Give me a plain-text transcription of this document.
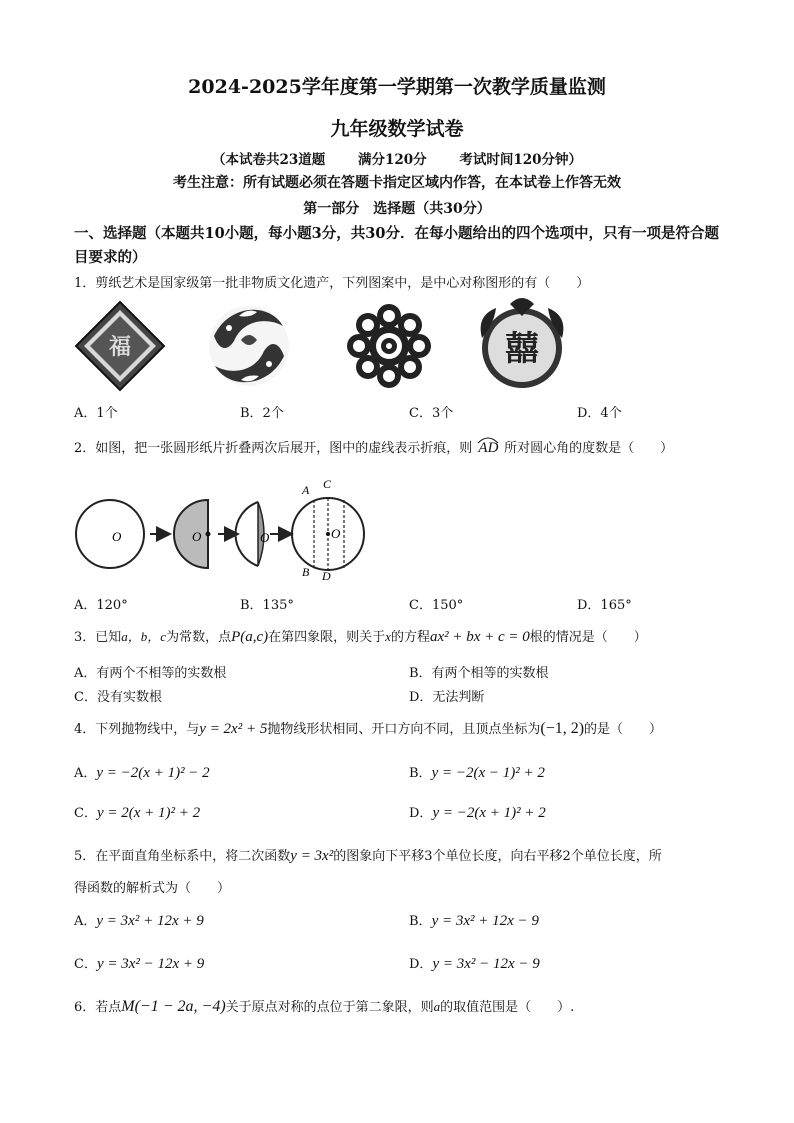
2024-2025学年度第一学期第一次教学质量监测
九年级数学试卷
（本试卷共23道题 满分120分 考试时间120分钟）
考生注意：所有试题必须在答题卡指定区域内作答，在本试卷上作答无效
第一部分　选择题（共30分）
一、选择题（本题共10小题，每小题3分，共30分．在每小题给出的四个选项中，只有一项是符合题目要求的）
1．剪纸艺术是国家级第一批非物质文化遗产，下列图案中，是中心对称图形的有（　　）
福	囍
A．1个	B．2个	C．3个	D．4个
2．如图，把一张圆形纸片折叠两次后展开，图中的虚线表示折痕，则 AD 所对圆心角的度数是（　　）
O	O	O	O
A C
B D
A．120°	B．135°	C．150°	D．165°
3．已知a，b，c为常数，点P(a,c)在第四象限，则关于x的方程ax² + bx + c = 0根的情况是（　　）
A．有两个不相等的实数根	B．有两个相等的实数根
C．没有实数根	D．无法判断
4．下列抛物线中，与y = 2x² + 5抛物线形状相同、开口方向不同，且顶点坐标为(−1, 2)的是（　　）
A．y = −2(x + 1)² − 2	B．y = −2(x − 1)² + 2
C．y = 2(x + 1)² + 2	D．y = −2(x + 1)² + 2
5．在平面直角坐标系中，将二次函数y = 3x²的图象向下平移3个单位长度，向右平移2个单位长度，所
得函数的解析式为（　　）
A．y = 3x² + 12x + 9	B．y = 3x² + 12x − 9
C．y = 3x² − 12x + 9	D．y = 3x² − 12x − 9
6．若点M(−1 − 2a, −4)关于原点对称的点位于第二象限，则a的取值范围是（　　）.
